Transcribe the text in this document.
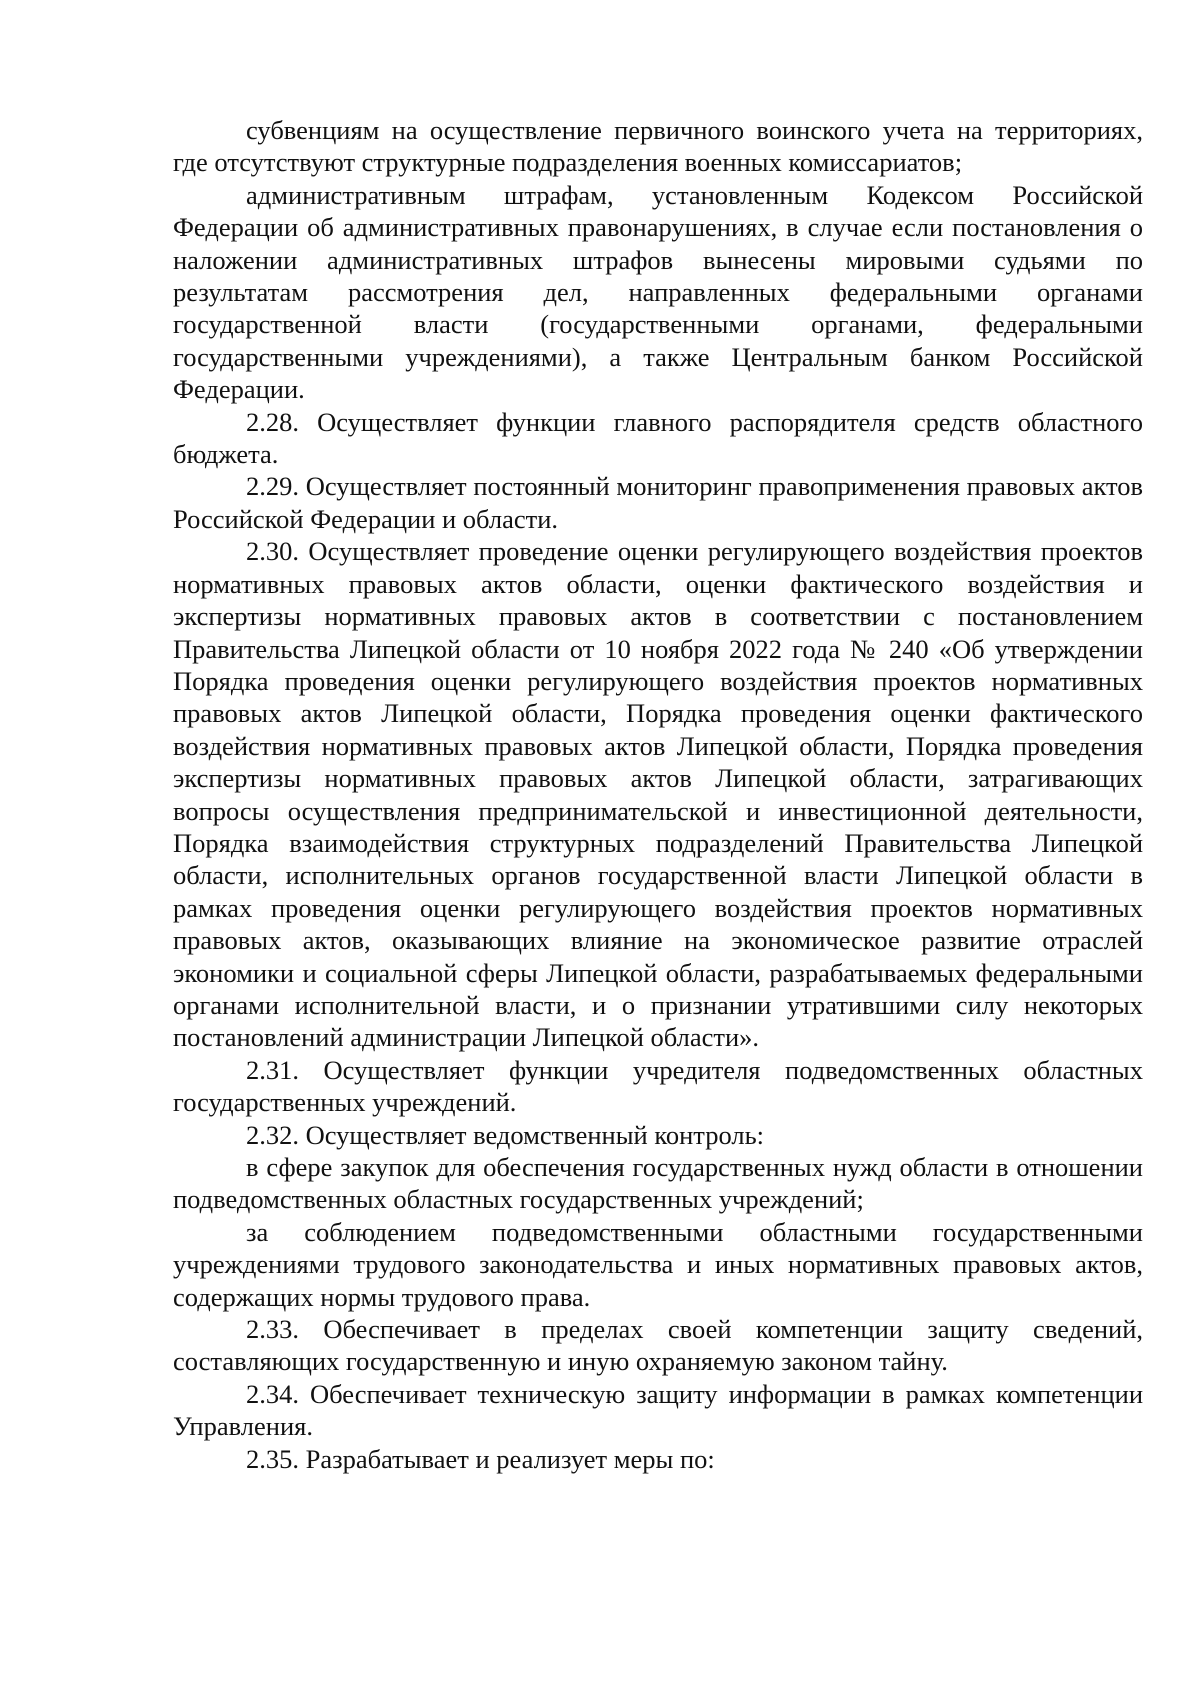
субвенциям на осуществление первичного воинского учета на территориях, где отсутствуют структурные подразделения военных комиссариатов;

административным штрафам, установленным Кодексом Российской Федерации об административных правонарушениях, в случае если постановления о наложении административных штрафов вынесены мировыми судьями по результатам рассмотрения дел, направленных федеральными органами государственной власти (государственными органами, федеральными государственными учреждениями), а также Центральным банком Российской Федерации.

2.28. Осуществляет функции главного распорядителя средств областного бюджета.

2.29. Осуществляет постоянный мониторинг правоприменения правовых актов Российской Федерации и области.

2.30. Осуществляет проведение оценки регулирующего воздействия проектов нормативных правовых актов области, оценки фактического воздействия и экспертизы нормативных правовых актов в соответствии с постановлением Правительства Липецкой области от 10 ноября 2022 года № 240 «Об утверждении Порядка проведения оценки регулирующего воздействия проектов нормативных правовых актов Липецкой области, Порядка проведения оценки фактического воздействия нормативных правовых актов Липецкой области, Порядка проведения экспертизы нормативных правовых актов Липецкой области, затрагивающих вопросы осуществления предпринимательской и инвестиционной деятельности, Порядка взаимодействия структурных подразделений Правительства Липецкой области, исполнительных органов государственной власти Липецкой области в рамках проведения оценки регулирующего воздействия проектов нормативных правовых актов, оказывающих влияние на экономическое развитие отраслей экономики и социальной сферы Липецкой области, разрабатываемых федеральными органами исполнительной власти, и о признании утратившими силу некоторых постановлений администрации Липецкой области».

2.31. Осуществляет функции учредителя подведомственных областных государственных учреждений.

2.32. Осуществляет ведомственный контроль:

в сфере закупок для обеспечения государственных нужд области в отношении подведомственных областных государственных учреждений;

за соблюдением подведомственными областными государственными учреждениями трудового законодательства и иных нормативных правовых актов, содержащих нормы трудового права.

2.33. Обеспечивает в пределах своей компетенции защиту сведений, составляющих государственную и иную охраняемую законом тайну.

2.34. Обеспечивает техническую защиту информации в рамках компетенции Управления.

2.35. Разрабатывает и реализует меры по:
